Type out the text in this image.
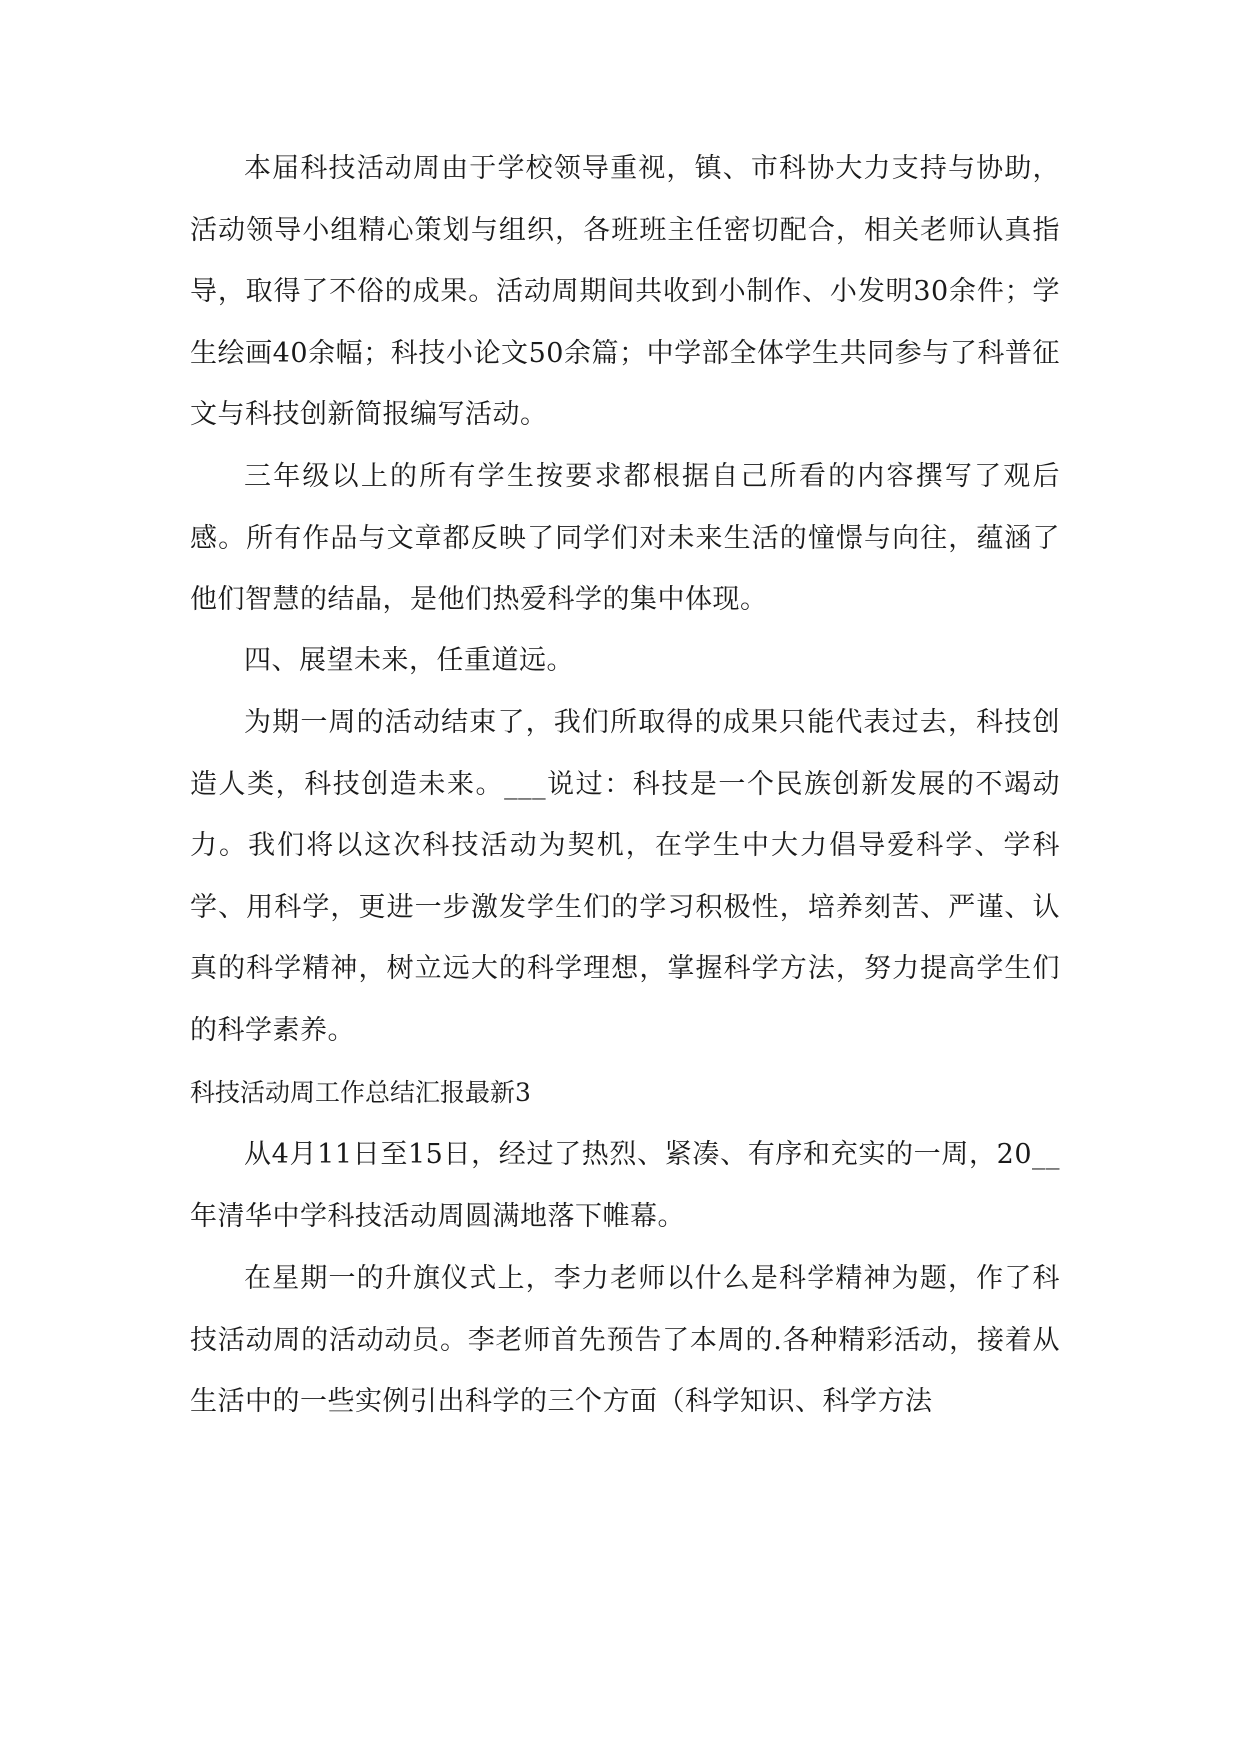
本届科技活动周由于学校领导重视，镇、市科协大力支持与协助，活动领导小组精心策划与组织，各班班主任密切配合，相关老师认真指导，取得了不俗的成果。活动周期间共收到小制作、小发明30余件；学生绘画40余幅；科技小论文50余篇；中学部全体学生共同参与了科普征文与科技创新简报编写活动。

三年级以上的所有学生按要求都根据自己所看的内容撰写了观后感。所有作品与文章都反映了同学们对未来生活的憧憬与向往，蕴涵了他们智慧的结晶，是他们热爱科学的集中体现。

四、展望未来，任重道远。

为期一周的活动结束了，我们所取得的成果只能代表过去，科技创造人类，科技创造未来。___说过：科技是一个民族创新发展的不竭动力。我们将以这次科技活动为契机，在学生中大力倡导爱科学、学科学、用科学，更进一步激发学生们的学习积极性，培养刻苦、严谨、认真的科学精神，树立远大的科学理想，掌握科学方法，努力提高学生们的科学素养。

科技活动周工作总结汇报最新3

从4月11日至15日，经过了热烈、紧凑、有序和充实的一周，20__年清华中学科技活动周圆满地落下帷幕。

在星期一的升旗仪式上，李力老师以什么是科学精神为题，作了科技活动周的活动动员。李老师首先预告了本周的.各种精彩活动，接着从生活中的一些实例引出科学的三个方面（科学知识、科学方法
